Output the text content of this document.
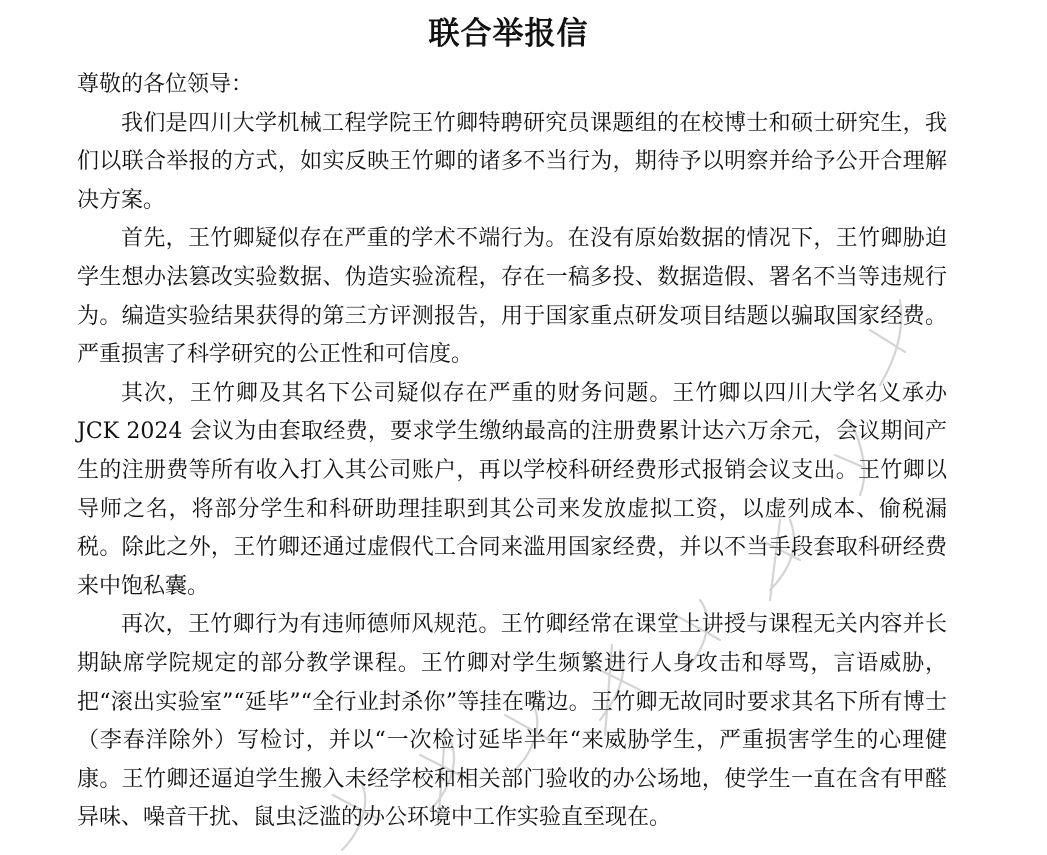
联合举报信

尊敬的各位领导：

我们是四川大学机械工程学院王竹卿特聘研究员课题组的在校博士和硕士研究生，我们以联合举报的方式，如实反映王竹卿的诸多不当行为，期待予以明察并给予公开合理解决方案。

首先，王竹卿疑似存在严重的学术不端行为。在没有原始数据的情况下，王竹卿胁迫学生想办法篡改实验数据、伪造实验流程，存在一稿多投、数据造假、署名不当等违规行为。编造实验结果获得的第三方评测报告，用于国家重点研发项目结题以骗取国家经费。严重损害了科学研究的公正性和可信度。

其次，王竹卿及其名下公司疑似存在严重的财务问题。王竹卿以四川大学名义承办 JCK 2024 会议为由套取经费，要求学生缴纳最高的注册费累计达六万余元，会议期间产生的注册费等所有收入打入其公司账户，再以学校科研经费形式报销会议支出。王竹卿以导师之名，将部分学生和科研助理挂职到其公司来发放虚拟工资，以虚列成本、偷税漏税。除此之外，王竹卿还通过虚假代工合同来滥用国家经费，并以不当手段套取科研经费来中饱私囊。

再次，王竹卿行为有违师德师风规范。王竹卿经常在课堂上讲授与课程无关内容并长期缺席学院规定的部分教学课程。王竹卿对学生频繁进行人身攻击和辱骂，言语威胁，把“滚出实验室”“延毕”“全行业封杀你”等挂在嘴边。王竹卿无故同时要求其名下所有博士（李春洋除外）写检讨，并以“一次检讨延毕半年“来威胁学生，严重损害学生的心理健康。王竹卿还逼迫学生搬入未经学校和相关部门验收的办公场地，使学生一直在含有甲醛异味、噪音干扰、鼠虫泛滥的办公环境中工作实验直至现在。
